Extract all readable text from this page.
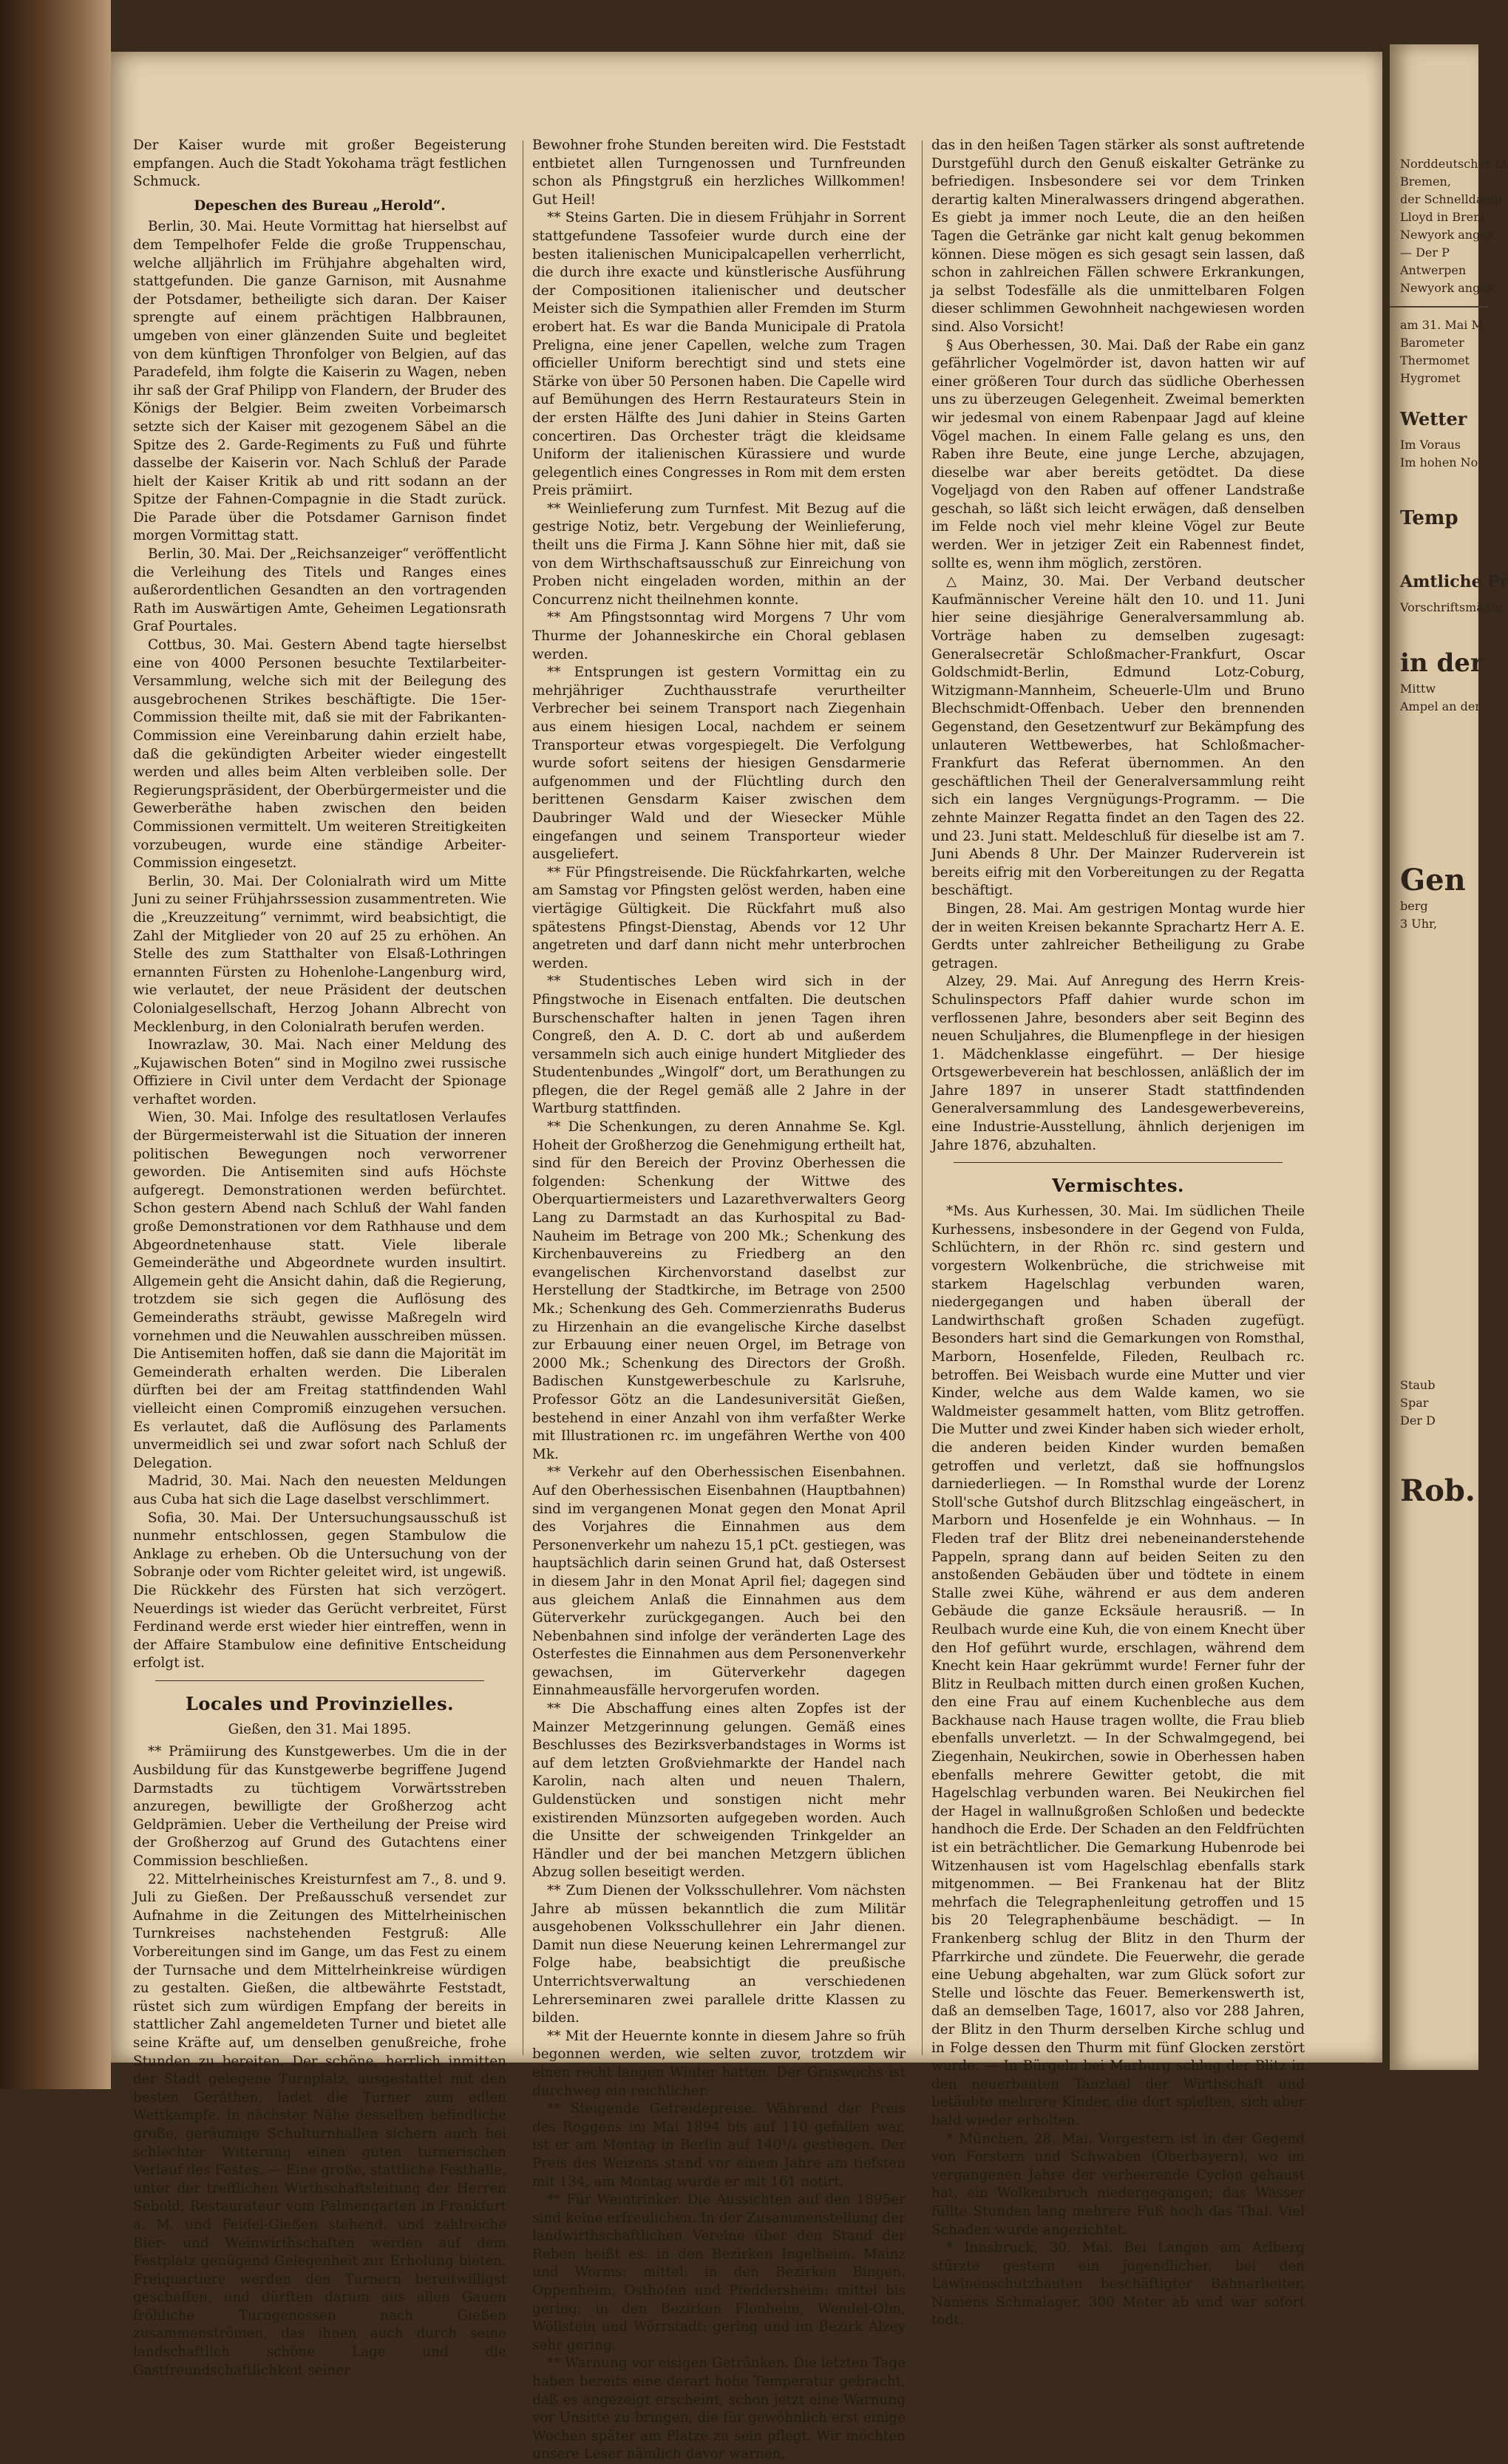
Der Kaiser wurde mit großer Begeisterung empfangen. Auch die Stadt Yokohama trägt festlichen Schmuck.

Depeschen des Bureau „Herold“.

Berlin, 30. Mai. Heute Vormittag hat hierselbst auf dem Tempelhofer Felde die große Truppenschau, welche alljährlich im Frühjahre abgehalten wird, stattgefunden. Die ganze Garnison, mit Ausnahme der Potsdamer, betheiligte sich daran. Der Kaiser sprengte auf einem prächtigen Halbbraunen, umgeben von einer glänzenden Suite und begleitet von dem künftigen Thronfolger von Belgien, auf das Paradefeld, ihm folgte die Kaiserin zu Wagen, neben ihr saß der Graf Philipp von Flandern, der Bruder des Königs der Belgier. Beim zweiten Vorbeimarsch setzte sich der Kaiser mit gezogenem Säbel an die Spitze des 2. Garde-Regiments zu Fuß und führte dasselbe der Kaiserin vor. Nach Schluß der Parade hielt der Kaiser Kritik ab und ritt sodann an der Spitze der Fahnen-Compagnie in die Stadt zurück. Die Parade über die Potsdamer Garnison findet morgen Vormittag statt.

Berlin, 30. Mai. Der „Reichsanzeiger“ veröffentlicht die Verleihung des Titels und Ranges eines außerordentlichen Gesandten an den vortragenden Rath im Auswärtigen Amte, Geheimen Legationsrath Graf Pourtales.

Cottbus, 30. Mai. Gestern Abend tagte hierselbst eine von 4000 Personen besuchte Textilarbeiter-Versammlung, welche sich mit der Beilegung des ausgebrochenen Strikes beschäftigte. Die 15er-Commission theilte mit, daß sie mit der Fabrikanten-Commission eine Vereinbarung dahin erzielt habe, daß die gekündigten Arbeiter wieder eingestellt werden und alles beim Alten verbleiben solle. Der Regierungspräsident, der Oberbürgermeister und die Gewerberäthe haben zwischen den beiden Commissionen vermittelt. Um weiteren Streitigkeiten vorzubeugen, wurde eine ständige Arbeiter-Commission eingesetzt.

Berlin, 30. Mai. Der Colonialrath wird um Mitte Juni zu seiner Frühjahrssession zusammentreten. Wie die „Kreuzzeitung“ vernimmt, wird beabsichtigt, die Zahl der Mitglieder von 20 auf 25 zu erhöhen. An Stelle des zum Statthalter von Elsaß-Lothringen ernannten Fürsten zu Hohenlohe-Langenburg wird, wie verlautet, der neue Präsident der deutschen Colonialgesellschaft, Herzog Johann Albrecht von Mecklenburg, in den Colonialrath berufen werden.

Inowrazlaw, 30. Mai. Nach einer Meldung des „Kujawischen Boten“ sind in Mogilno zwei russische Offiziere in Civil unter dem Verdacht der Spionage verhaftet worden.

Wien, 30. Mai. Infolge des resultatlosen Verlaufes der Bürgermeisterwahl ist die Situation der inneren politischen Bewegungen noch verworrener geworden. Die Antisemiten sind aufs Höchste aufgeregt. Demonstrationen werden befürchtet. Schon gestern Abend nach Schluß der Wahl fanden große Demonstrationen vor dem Rathhause und dem Abgeordnetenhause statt. Viele liberale Gemeinderäthe und Abgeordnete wurden insultirt. Allgemein geht die Ansicht dahin, daß die Regierung, trotzdem sie sich gegen die Auflösung des Gemeinderaths sträubt, gewisse Maßregeln wird vornehmen und die Neuwahlen ausschreiben müssen. Die Antisemiten hoffen, daß sie dann die Majorität im Gemeinderath erhalten werden. Die Liberalen dürften bei der am Freitag stattfindenden Wahl vielleicht einen Compromiß einzugehen versuchen. Es verlautet, daß die Auflösung des Parlaments unvermeidlich sei und zwar sofort nach Schluß der Delegation.

Madrid, 30. Mai. Nach den neuesten Meldungen aus Cuba hat sich die Lage daselbst verschlimmert.

Sofia, 30. Mai. Der Untersuchungsausschuß ist nunmehr entschlossen, gegen Stambulow die Anklage zu erheben. Ob die Untersuchung von der Sobranje oder vom Richter geleitet wird, ist ungewiß. Die Rückkehr des Fürsten hat sich verzögert. Neuerdings ist wieder das Gerücht verbreitet, Fürst Ferdinand werde erst wieder hier eintreffen, wenn in der Affaire Stambulow eine definitive Entscheidung erfolgt ist.

Locales und Provinzielles.

Gießen, den 31. Mai 1895.

** Prämiirung des Kunstgewerbes. Um die in der Ausbildung für das Kunstgewerbe begriffene Jugend Darmstadts zu tüchtigem Vorwärtsstreben anzuregen, bewilligte der Großherzog acht Geldprämien. Ueber die Vertheilung der Preise wird der Großherzog auf Grund des Gutachtens einer Commission beschließen.

22. Mittelrheinisches Kreisturnfest am 7., 8. und 9. Juli zu Gießen. Der Preßausschuß versendet zur Aufnahme in die Zeitungen des Mittelrheinischen Turnkreises nachstehenden Festgruß: Alle Vorbereitungen sind im Gange, um das Fest zu einem der Turnsache und dem Mittelrheinkreise würdigen zu gestalten. Gießen, die altbewährte Feststadt, rüstet sich zum würdigen Empfang der bereits in stattlicher Zahl angemeldeten Turner und bietet alle seine Kräfte auf, um denselben genußreiche, frohe Stunden zu bereiten. Der schöne, herrlich inmitten der Stadt gelegene Turnplatz, ausgestattet mit den besten Geräthen, ladet die Turner zum edlen Wettkampfe. In nächster Nähe desselben befindliche große, geräumige Schulturnhallen sichern auch bei schlechter Witterung einen guten turnerischen Verlauf des Festes. — Eine große, stattliche Festhalle, unter der trefflichen Wirthschaftsleitung der Herren Sebold, Restaurateur vom Palmengarten in Frankfurt a. M. und Feidel-Gießen stehend, und zahlreiche Bier- und Weinwirthschaften werden auf dem Festplatz genügend Gelegenheit zur Erholung bieten. Freiquartiere werden den Turnern bereitwilligst geschaffen, und dürften darum aus allen Gauen fröhliche Turngenossen nach Gießen zusammenströmen, das ihnen auch durch seine landschaftlich schöne Lage und die Gastfreundschaftlichkeit seiner

Bewohner frohe Stunden bereiten wird. Die Feststadt entbietet allen Turngenossen und Turnfreunden schon als Pfingstgruß ein herzliches Willkommen! Gut Heil!

** Steins Garten. Die in diesem Frühjahr in Sorrent stattgefundene Tassofeier wurde durch eine der besten italienischen Municipalcapellen verherrlicht, die durch ihre exacte und künstlerische Ausführung der Compositionen italienischer und deutscher Meister sich die Sympathien aller Fremden im Sturm erobert hat. Es war die Banda Municipale di Pratola Preligna, eine jener Capellen, welche zum Tragen officieller Uniform berechtigt sind und stets eine Stärke von über 50 Personen haben. Die Capelle wird auf Bemühungen des Herrn Restaurateurs Stein in der ersten Hälfte des Juni dahier in Steins Garten concertiren. Das Orchester trägt die kleidsame Uniform der italienischen Kürassiere und wurde gelegentlich eines Congresses in Rom mit dem ersten Preis prämiirt.

** Weinlieferung zum Turnfest. Mit Bezug auf die gestrige Notiz, betr. Vergebung der Weinlieferung, theilt uns die Firma J. Kann Söhne hier mit, daß sie von dem Wirthschaftsausschuß zur Einreichung von Proben nicht eingeladen worden, mithin an der Concurrenz nicht theilnehmen konnte.

** Am Pfingstsonntag wird Morgens 7 Uhr vom Thurme der Johanneskirche ein Choral geblasen werden.

** Entsprungen ist gestern Vormittag ein zu mehrjähriger Zuchthausstrafe verurtheilter Verbrecher bei seinem Transport nach Ziegenhain aus einem hiesigen Local, nachdem er seinem Transporteur etwas vorgespiegelt. Die Verfolgung wurde sofort seitens der hiesigen Gensdarmerie aufgenommen und der Flüchtling durch den berittenen Gensdarm Kaiser zwischen dem Daubringer Wald und der Wiesecker Mühle eingefangen und seinem Transporteur wieder ausgeliefert.

** Für Pfingstreisende. Die Rückfahrkarten, welche am Samstag vor Pfingsten gelöst werden, haben eine viertägige Gültigkeit. Die Rückfahrt muß also spätestens Pfingst-Dienstag, Abends vor 12 Uhr angetreten und darf dann nicht mehr unterbrochen werden.

** Studentisches Leben wird sich in der Pfingstwoche in Eisenach entfalten. Die deutschen Burschenschafter halten in jenen Tagen ihren Congreß, den A. D. C. dort ab und außerdem versammeln sich auch einige hundert Mitglieder des Studentenbundes „Wingolf“ dort, um Berathungen zu pflegen, die der Regel gemäß alle 2 Jahre in der Wartburg stattfinden.

** Die Schenkungen, zu deren Annahme Se. Kgl. Hoheit der Großherzog die Genehmigung ertheilt hat, sind für den Bereich der Provinz Oberhessen die folgenden: Schenkung der Wittwe des Oberquartiermeisters und Lazarethverwalters Georg Lang zu Darmstadt an das Kurhospital zu Bad-Nauheim im Betrage von 200 Mk.; Schenkung des Kirchenbauvereins zu Friedberg an den evangelischen Kirchenvorstand daselbst zur Herstellung der Stadtkirche, im Betrage von 2500 Mk.; Schenkung des Geh. Commerzienraths Buderus zu Hirzenhain an die evangelische Kirche daselbst zur Erbauung einer neuen Orgel, im Betrage von 2000 Mk.; Schenkung des Directors der Großh. Badischen Kunstgewerbeschule zu Karlsruhe, Professor Götz an die Landesuniversität Gießen, bestehend in einer Anzahl von ihm verfaßter Werke mit Illustrationen rc. im ungefähren Werthe von 400 Mk.

** Verkehr auf den Oberhessischen Eisenbahnen. Auf den Oberhessischen Eisenbahnen (Hauptbahnen) sind im vergangenen Monat gegen den Monat April des Vorjahres die Einnahmen aus dem Personenverkehr um nahezu 15,1 pCt. gestiegen, was hauptsächlich darin seinen Grund hat, daß Ostersest in diesem Jahr in den Monat April fiel; dagegen sind aus gleichem Anlaß die Einnahmen aus dem Güterverkehr zurückgegangen. Auch bei den Nebenbahnen sind infolge der veränderten Lage des Osterfestes die Einnahmen aus dem Personenverkehr gewachsen, im Güterverkehr dagegen Einnahmeausfälle hervorgerufen worden.

** Die Abschaffung eines alten Zopfes ist der Mainzer Metzgerinnung gelungen. Gemäß eines Beschlusses des Bezirksverbandstages in Worms ist auf dem letzten Großviehmarkte der Handel nach Karolin, nach alten und neuen Thalern, Guldenstücken und sonstigen nicht mehr existirenden Münzsorten aufgegeben worden. Auch die Unsitte der schweigenden Trinkgelder an Händler und der bei manchen Metzgern üblichen Abzug sollen beseitigt werden.

** Zum Dienen der Volksschullehrer. Vom nächsten Jahre ab müssen bekanntlich die zum Militär ausgehobenen Volksschullehrer ein Jahr dienen. Damit nun diese Neuerung keinen Lehrermangel zur Folge habe, beabsichtigt die preußische Unterrichtsverwaltung an verschiedenen Lehrerseminaren zwei parallele dritte Klassen zu bilden.

** Mit der Heuernte konnte in diesem Jahre so früh begonnen werden, wie selten zuvor, trotzdem wir einen recht langen Winter hatten. Der Graswuchs ist durchweg ein reichlicher.

** Steigende Getreidepreise. Während der Preis des Roggens im Mai 1894 bis auf 110 gefallen war, ist er am Montag in Berlin auf 140¹/₄ gestiegen. Der Preis des Weizens stand vor einem Jahre am tiefsten mit 134, am Montag wurde er mit 161 notirt.

** Für Weintrinker. Die Aussichten auf den 1895er sind keine erfreulichen. In der Zusammenstellung der landwirthschaftlichen Vereine über den Stand der Reben heißt es: in den Bezirken Ingelheim, Mainz und Worms: mittel; in den Bezirken Bingen, Oppenheim, Osthofen und Pfeddersheim: mittel bis gering; in den Bezirken Flonheim, Wendel-Olm, Wöllstein und Wörrstadt: gering und im Bezirk Alzey sehr gering.

** Warnung vor eisigen Getränken. Die letzten Tage haben bereits eine derart hohe Temperatur gebracht, daß es angezeigt erscheint, schon jetzt eine Warnung vor Unsitte zu bringen, die für gewöhnlich erst einige Wochen später am Platze zu sein pflegt. Wir möchten unsere Leser nämlich davor warnen,

das in den heißen Tagen stärker als sonst auftretende Durstgefühl durch den Genuß eiskalter Getränke zu befriedigen. Insbesondere sei vor dem Trinken derartig kalten Mineralwassers dringend abgerathen. Es giebt ja immer noch Leute, die an den heißen Tagen die Getränke gar nicht kalt genug bekommen können. Diese mögen es sich gesagt sein lassen, daß schon in zahlreichen Fällen schwere Erkrankungen, ja selbst Todesfälle als die unmittelbaren Folgen dieser schlimmen Gewohnheit nachgewiesen worden sind. Also Vorsicht!

§ Aus Oberhessen, 30. Mai. Daß der Rabe ein ganz gefährlicher Vogelmörder ist, davon hatten wir auf einer größeren Tour durch das südliche Oberhessen uns zu überzeugen Gelegenheit. Zweimal bemerkten wir jedesmal von einem Rabenpaar Jagd auf kleine Vögel machen. In einem Falle gelang es uns, den Raben ihre Beute, eine junge Lerche, abzujagen, dieselbe war aber bereits getödtet. Da diese Vogeljagd von den Raben auf offener Landstraße geschah, so läßt sich leicht erwägen, daß denselben im Felde noch viel mehr kleine Vögel zur Beute werden. Wer in jetziger Zeit ein Rabennest findet, sollte es, wenn ihm möglich, zerstören.

△ Mainz, 30. Mai. Der Verband deutscher Kaufmännischer Vereine hält den 10. und 11. Juni hier seine diesjährige Generalversammlung ab. Vorträge haben zu demselben zugesagt: Generalsecretär Schloßmacher-Frankfurt, Oscar Goldschmidt-Berlin, Edmund Lotz-Coburg, Witzigmann-Mannheim, Scheuerle-Ulm und Bruno Blechschmidt-Offenbach. Ueber den brennenden Gegenstand, den Gesetzentwurf zur Bekämpfung des unlauteren Wettbewerbes, hat Schloßmacher-Frankfurt das Referat übernommen. An den geschäftlichen Theil der Generalversammlung reiht sich ein langes Vergnügungs-Programm. — Die zehnte Mainzer Regatta findet an den Tagen des 22. und 23. Juni statt. Meldeschluß für dieselbe ist am 7. Juni Abends 8 Uhr. Der Mainzer Ruderverein ist bereits eifrig mit den Vorbereitungen zu der Regatta beschäftigt.

Bingen, 28. Mai. Am gestrigen Montag wurde hier der in weiten Kreisen bekannte Sprachartz Herr A. E. Gerdts unter zahlreicher Betheiligung zu Grabe getragen.

Alzey, 29. Mai. Auf Anregung des Herrn Kreis-Schulinspectors Pfaff dahier wurde schon im verflossenen Jahre, besonders aber seit Beginn des neuen Schuljahres, die Blumenpflege in der hiesigen 1. Mädchenklasse eingeführt. — Der hiesige Ortsgewerbeverein hat beschlossen, anläßlich der im Jahre 1897 in unserer Stadt stattfindenden Generalversammlung des Landesgewerbevereins, eine Industrie-Ausstellung, ähnlich derjenigen im Jahre 1876, abzuhalten.

Vermischtes.

*Ms. Aus Kurhessen, 30. Mai. Im südlichen Theile Kurhessens, insbesondere in der Gegend von Fulda, Schlüchtern, in der Rhön rc. sind gestern und vorgestern Wolkenbrüche, die strichweise mit starkem Hagelschlag verbunden waren, niedergegangen und haben überall der Landwirthschaft großen Schaden zugefügt. Besonders hart sind die Gemarkungen von Romsthal, Marborn, Hosenfelde, Fileden, Reulbach rc. betroffen. Bei Weisbach wurde eine Mutter und vier Kinder, welche aus dem Walde kamen, wo sie Waldmeister gesammelt hatten, vom Blitz getroffen. Die Mutter und zwei Kinder haben sich wieder erholt, die anderen beiden Kinder wurden bemaßen getroffen und verletzt, daß sie hoffnungslos darniederliegen. — In Romsthal wurde der Lorenz Stoll'sche Gutshof durch Blitzschlag eingeäschert, in Marborn und Hosenfelde je ein Wohnhaus. — In Fleden traf der Blitz drei nebeneinanderstehende Pappeln, sprang dann auf beiden Seiten zu den anstoßenden Gebäuden über und tödtete in einem Stalle zwei Kühe, während er aus dem anderen Gebäude die ganze Ecksäule herausriß. — In Reulbach wurde eine Kuh, die von einem Knecht über den Hof geführt wurde, erschlagen, während dem Knecht kein Haar gekrümmt wurde! Ferner fuhr der Blitz in Reulbach mitten durch einen großen Kuchen, den eine Frau auf einem Kuchenbleche aus dem Backhause nach Hause tragen wollte, die Frau blieb ebenfalls unverletzt. — In der Schwalmgegend, bei Ziegenhain, Neukirchen, sowie in Oberhessen haben ebenfalls mehrere Gewitter getobt, die mit Hagelschlag verbunden waren. Bei Neukirchen fiel der Hagel in wallnußgroßen Schloßen und bedeckte handhoch die Erde. Der Schaden an den Feldfrüchten ist ein beträchtlicher. Die Gemarkung Hubenrode bei Witzenhausen ist vom Hagelschlag ebenfalls stark mitgenommen. — Bei Frankenau hat der Blitz mehrfach die Telegraphenleitung getroffen und 15 bis 20 Telegraphenbäume beschädigt. — In Frankenberg schlug der Blitz in den Thurm der Pfarrkirche und zündete. Die Feuerwehr, die gerade eine Uebung abgehalten, war zum Glück sofort zur Stelle und löschte das Feuer. Bemerkenswerth ist, daß an demselben Tage, 16017, also vor 288 Jahren, der Blitz in den Thurm derselben Kirche schlug und in Folge dessen den Thurm mit fünf Glocken zerstört wurde. — In Bürgeln bei Marburg schlug der Blitz in den neuerbauten Tanzlaal der Wirthschaft und betäubte mehrere Kinder, die dort spielten, sich aber bald wieder erholten.

* München, 28. Mai. Vorgestern ist in der Gegend von Forstern und Schwaben (Oberbayern), wo im vergangenen Jahre der verheerende Cyclon gehaust hat, ein Wolkenbruch niedergegangen; das Wasser füllte Stunden lang mehrere Fuß hoch das Thal. Viel Schaden wurde angerichtet.

* Innsbruck, 30. Mai. Bei Langen am Arlberg stürzte gestern ein jugendlicher, bei den Lawinenschutzbauten beschäftigter Bahnarbeiter, Namens Schmalager, 300 Meter ab und war sofort todt.

Norddeutscher Ll
Bremen,
der Schnelldamp
Lloyd in Brem
Newyork angek
— Der P
Antwerpen
Newyork angek
am 31. Mai M
Barometer
Thermomet
Hygromet
Wetter
Im Voraus
Im hohen No
Temp
Amtliche Pr
Vorschriftsmäßig
in der
Mittw
Ampel an der
Gen
berg
3 Uhr,
Staub
Spar
Der D
Rob.
